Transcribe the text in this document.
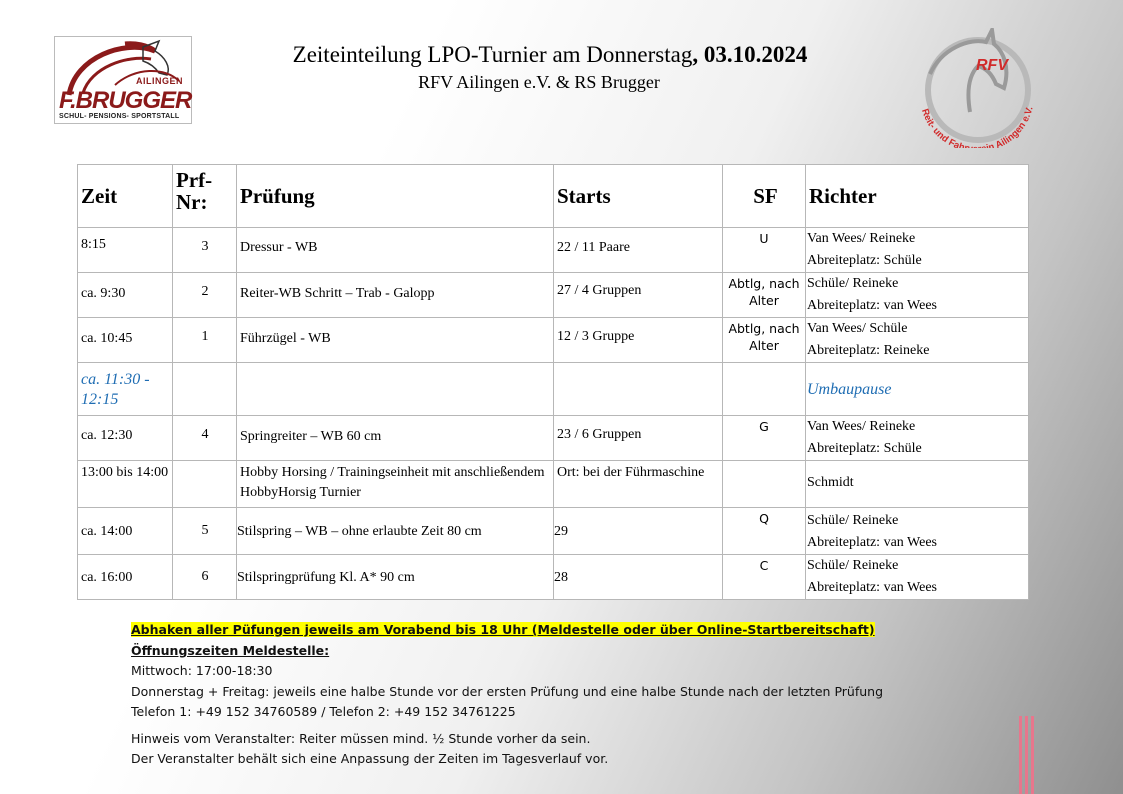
AILINGEN
F.BRUGGER
SCHUL- PENSIONS- SPORTSTALL
Zeiteinteilung LPO-Turnier am Donnerstag, 03.10.2024
RFV Ailingen e.V. & RS Brugger
RFV
Reit- und Fah n Ailingen e.V.
Zeit	Prf-Nr:	Prüfung	Starts	SF	Richter

8:15	3	Dressur - WB	22 / 11 Paare	U	Van Wees/ Reineke
Abreiteplatz: Schüle

ca. 9:30	2	Reiter-WB Schritt – Trab - Galopp	27 / 4 Gruppen	Abtlg, nach Alter	Schüle/ Reineke
Abreiteplatz: van Wees

ca. 10:45	1	Führzügel - WB	12 / 3 Gruppe	Abtlg, nach Alter	Van Wees/ Schüle
Abreiteplatz: Reineke

ca. 11:30 - 12:15					Umbaupause

ca. 12:30	4	Springreiter – WB 60 cm	23 / 6 Gruppen	G	Van Wees/ Reineke
Abreiteplatz: Schüle

13:00 bis 14:00		Hobby Horsing / Trainingseinheit mit anschließendem HobbyHorsig Turnier	Ort: bei der Führmaschine		Schmidt

ca. 14:00	5	Stilspring – WB – ohne erlaubte Zeit 80 cm	29	Q	Schüle/ Reineke
Abreiteplatz: van Wees

ca. 16:00	6	Stilspringprüfung Kl. A* 90 cm	28	C	Schüle/ Reineke
Abreiteplatz: van Wees
Abhaken aller Püfungen jeweils am Vorabend bis 18 Uhr (Meldestelle oder über Online-Startbereitschaft)
Öffnungszeiten Meldestelle:
Mittwoch: 17:00-18:30
Donnerstag + Freitag: jeweils eine halbe Stunde vor der ersten Prüfung und eine halbe Stunde nach der letzten Prüfung
Telefon 1: +49 152 34760589 / Telefon 2: +49 152 34761225
Hinweis vom Veranstalter: Reiter müssen mind. ½ Stunde vorher da sein.
Der Veranstalter behält sich eine Anpassung der Zeiten im Tagesverlauf vor.
